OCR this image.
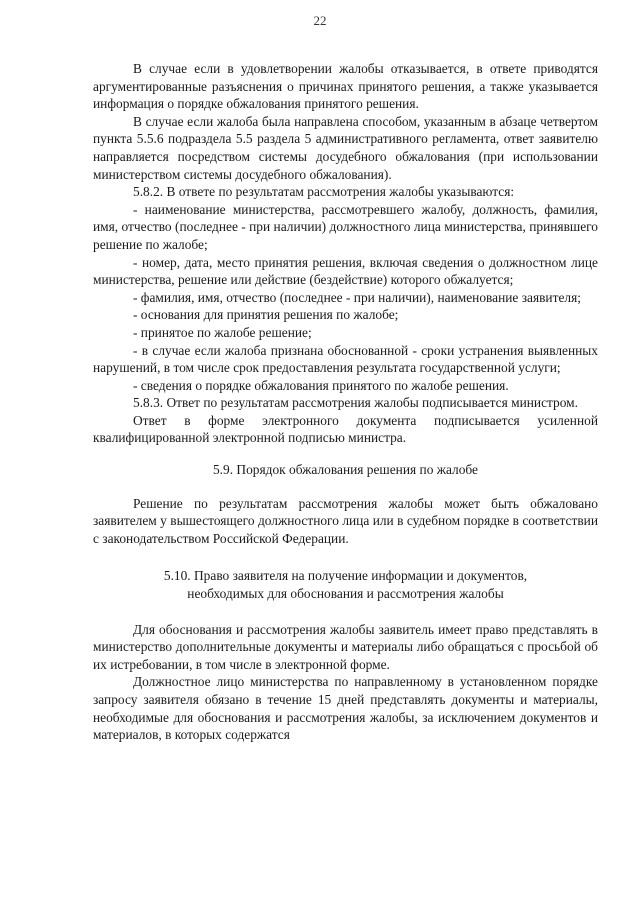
22

В случае если в удовлетворении жалобы отказывается, в ответе приводятся аргументированные разъяснения о причинах принятого решения, а также указывается информация о порядке обжалования принятого решения.

В случае если жалоба была направлена способом, указанным в абзаце четвертом пункта 5.5.6 подраздела 5.5 раздела 5 административного регламента, ответ заявителю направляется посредством системы досудебного обжалования (при использовании министерством системы досудебного обжалования).

5.8.2. В ответе по результатам рассмотрения жалобы указываются:

- наименование министерства, рассмотревшего жалобу, должность, фамилия, имя, отчество (последнее - при наличии) должностного лица министерства, принявшего решение по жалобе;

- номер, дата, место принятия решения, включая сведения о должностном лице министерства, решение или действие (бездействие) которого обжалуется;

- фамилия, имя, отчество (последнее - при наличии), наименование заявителя;

- основания для принятия решения по жалобе;

- принятое по жалобе решение;

- в случае если жалоба признана обоснованной - сроки устранения выявленных нарушений, в том числе срок предоставления результата государственной услуги;

- сведения о порядке обжалования принятого по жалобе решения.

5.8.3. Ответ по результатам рассмотрения жалобы подписывается министром.

Ответ в форме электронного документа подписывается усиленной квалифицированной электронной подписью министра.

5.9. Порядок обжалования решения по жалобе

Решение по результатам рассмотрения жалобы может быть обжаловано заявителем у вышестоящего должностного лица или в судебном порядке в соответствии с законодательством Российской Федерации.

5.10. Право заявителя на получение информации и документов,
необходимых для обоснования и рассмотрения жалобы

Для обоснования и рассмотрения жалобы заявитель имеет право представлять в министерство дополнительные документы и материалы либо обращаться с просьбой об их истребовании, в том числе в электронной форме.

Должностное лицо министерства по направленному в установленном порядке запросу заявителя обязано в течение 15 дней представлять документы и материалы, необходимые для обоснования и рассмотрения жалобы, за исключением документов и материалов, в которых содержатся
